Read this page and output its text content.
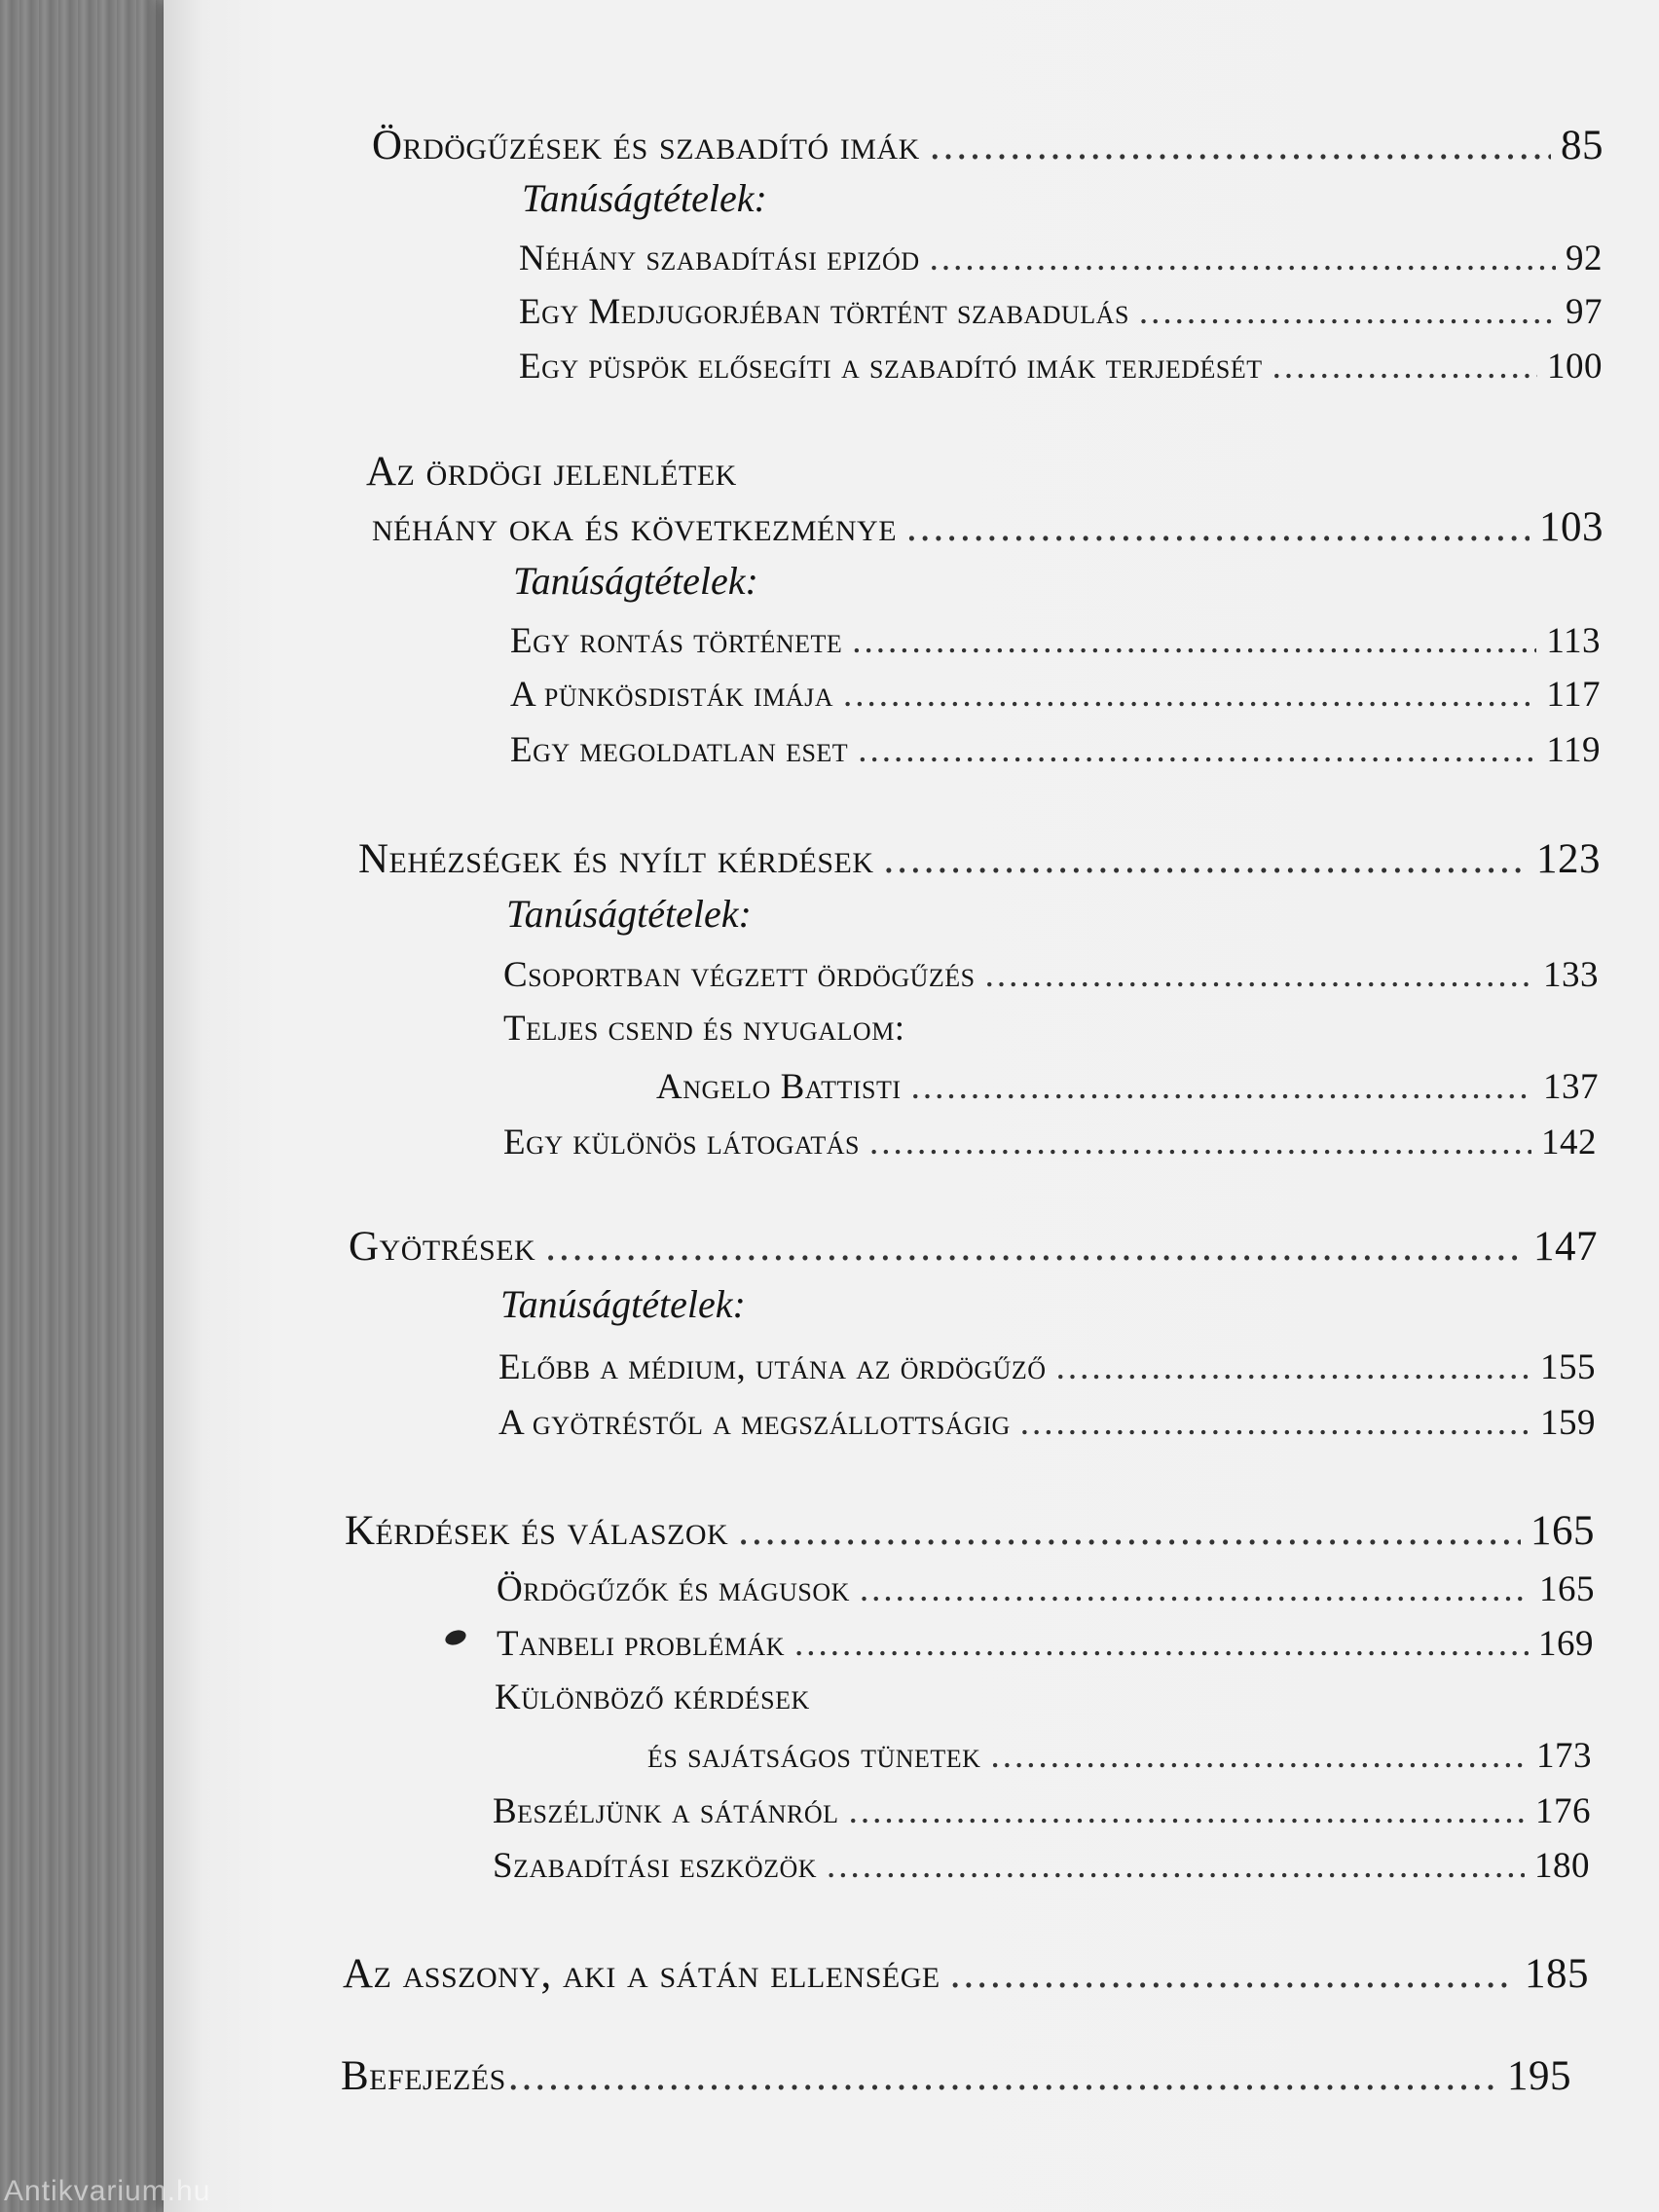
Ördögűzések és szabadító imák .....	85
Tanúságtételek:
Néhány szabadítási epizód .....	92
Egy Medjugorjéban történt szabadulás .....	97
Egy püspök elősegíti a szabadító imák terjedését .....	100
Az ördögi jelenlétek
néhány oka és következménye .....	103
Tanúságtételek:
Egy rontás története .....	113
A pünkösdisták imája .....	117
Egy megoldatlan eset .....	119
Nehézségek és nyílt kérdések .....	123
Tanúságtételek:
Csoportban végzett ördögűzés .....	133
Teljes csend és nyugalom:
Angelo Battisti .....	137
Egy különös látogatás .....	142
Gyötrések .....	147
Tanúságtételek:
Előbb a médium, utána az ördögűző .....	155
A gyötréstől a megszállottságig .....	159
Kérdések és válaszok .....	165
Ördögűzők és mágusok .....	165
Tanbeli problémák .....	169
Különböző kérdések
és sajátságos tünetek .....	173
Beszéljünk a sátánról .....	176
Szabadítási eszközök .....	180
Az asszony, aki a sátán ellensége .....	185
Befejezés .....	195
Antikvarium.hu
